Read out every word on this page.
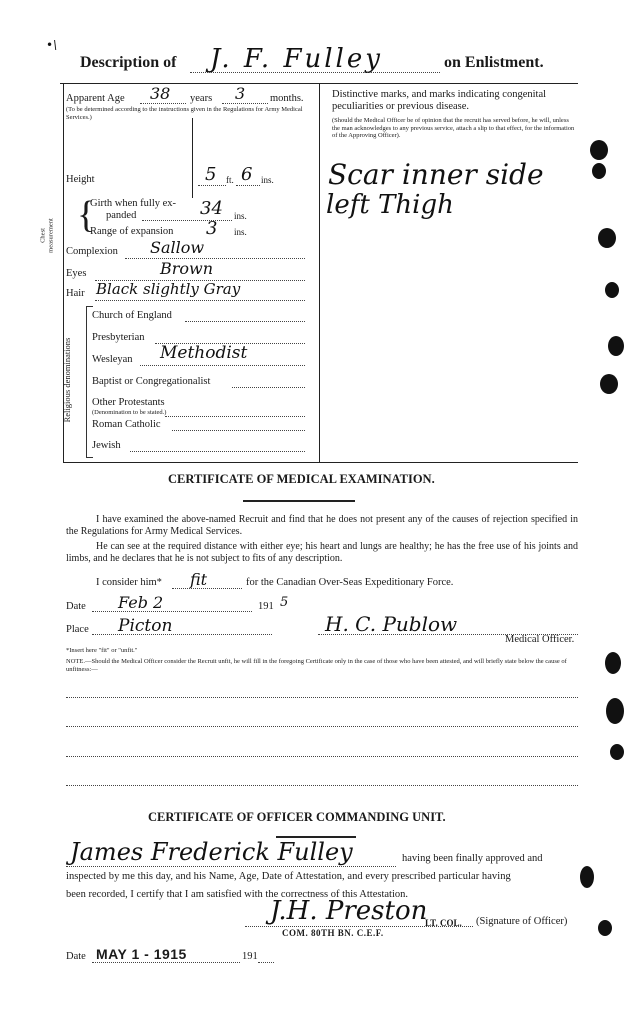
•\
Description of J. F. Fulley	on Enlistment.
Apparent Age 38 years 3 months.
(To be determined according to the instructions given in the Regulations for Army Medical Services.)
Height	5 ft. 6 ins.
Chest measurement {
Girth when fully ex-
panded	34 ins.
Range of expansion 3 ins.
Complexion Sallow
Eyes	Brown
Hair Black slightly Gray
Religious denominations
Church of England
Presbyterian
Wesleyan Methodist
Baptist or Congregationalist
Other Protestants
(Denomination to be stated.)
Roman Catholic
Jewish
Distinctive marks, and marks indicating congenital peculiarities or previous disease.
(Should the Medical Officer be of opinion that the recruit has served before, he will, unless the man acknowledges to any previous service, attach a slip to that effect, for the information of the Approving Officer).
Scar inner side
left Thigh
CERTIFICATE OF MEDICAL EXAMINATION.
I have examined the above-named Recruit and find that he does not present any of the causes of rejection specified in the Regulations for Army Medical Services.
He can see at the required distance with either eye; his heart and lungs are healthy; he has the free use of his joints and limbs, and he declares that he is not subject to fits of any description.
I consider him* fit	for the Canadian Over-Seas Expeditionary Force.
Date Feb 2	191 5
Place Picton	H. C. Publow
Medical Officer.
*Insert here "fit" or "unfit."
NOTE.—Should the Medical Officer consider the Recruit unfit, he will fill in the foregoing Certificate only in the case of those who have been attested, and will briefly state below the cause of unfitness:—
CERTIFICATE OF OFFICER COMMANDING UNIT.
James Frederick Fulley	having been finally approved and
inspected by me this day, and his Name, Age, Date of Attestation, and every prescribed particular having
been recorded, I certify that I am satisfied with the correctness of this Attestation.
J.H. Preston
LT. COL. (Signature of Officer)
COM. 80TH BN. C.E.F.
Date MAY 1 - 1915	191
